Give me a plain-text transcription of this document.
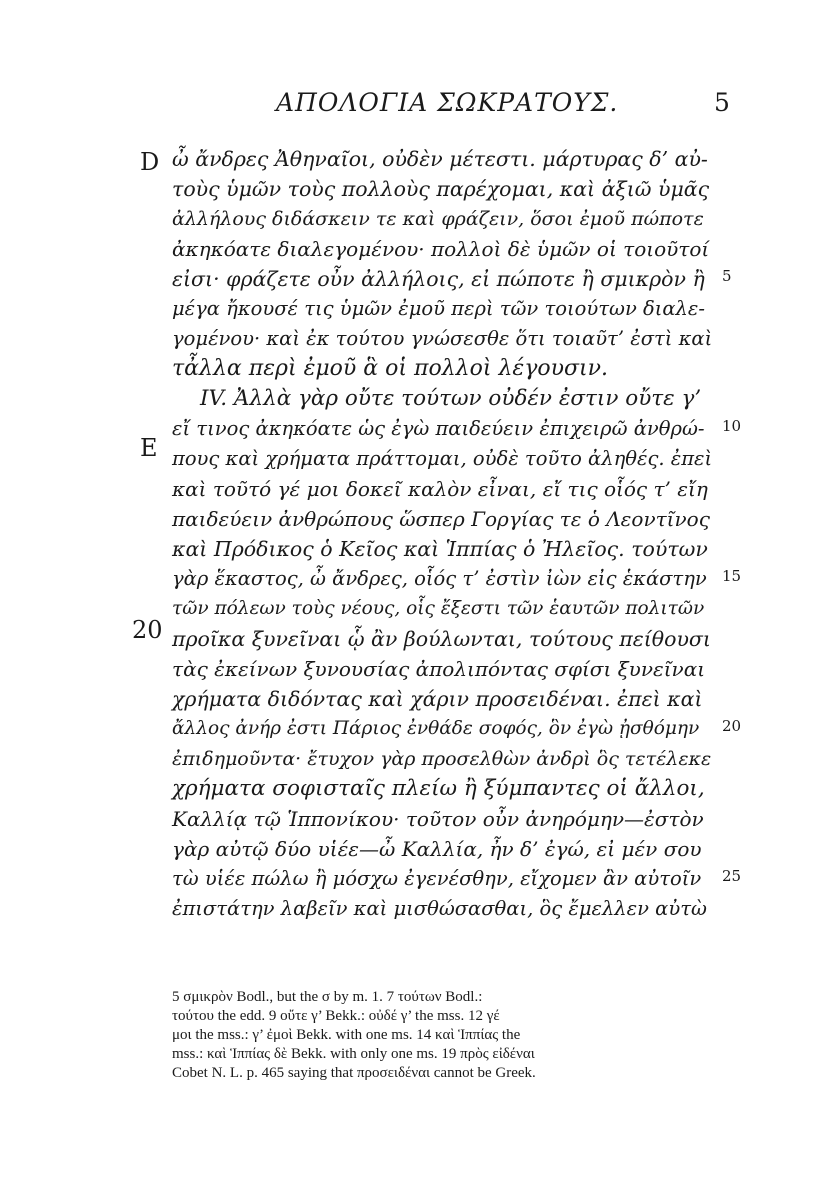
ΑΠΟΛΟΓΙΑ ΣΩΚΡΑΤΟΥΣ.	5
D
E
20
5
10
15
20
25
ὦ ἄνδρες Ἀθηναῖοι, οὐδὲν μέτεστι. μάρτυρας δ’ αὐ-
τοὺς ὑμῶν τοὺς πολλοὺς παρέχομαι, καὶ ἀξιῶ ὑμᾶς
ἀλλήλους διδάσκειν τε καὶ φράζειν, ὅσοι ἐμοῦ πώποτε
ἀκηκόατε διαλεγομένου· πολλοὶ δὲ ὑμῶν οἱ τοιοῦτοί
εἰσι· φράζετε οὖν ἀλλήλοις, εἰ πώποτε ἢ σμικρὸν ἢ
μέγα ἤκουσέ τις ὑμῶν ἐμοῦ περὶ τῶν τοιούτων διαλε-
γομένου· καὶ ἐκ τούτου γνώσεσθε ὅτι τοιαῦτ’ ἐστὶ καὶ
τἆλλα περὶ ἐμοῦ ἃ οἱ πολλοὶ λέγουσιν.
IV. Ἀλλὰ γὰρ οὔτε τούτων οὐδέν ἐστιν οὔτε γ’
εἴ τινος ἀκηκόατε ὡς ἐγὼ παιδεύειν ἐπιχειρῶ ἀνθρώ-
πους καὶ χρήματα πράττομαι, οὐδὲ τοῦτο ἀληθές. ἐπεὶ
καὶ τοῦτό γέ μοι δοκεῖ καλὸν εἶναι, εἴ τις οἷός τ’ εἴη
παιδεύειν ἀνθρώπους ὥσπερ Γοργίας τε ὁ Λεοντῖνος
καὶ Πρόδικος ὁ Κεῖος καὶ Ἱππίας ὁ Ἠλεῖος. τούτων
γὰρ ἕκαστος, ὦ ἄνδρες, οἷός τ’ ἐστὶν ἰὼν εἰς ἑκάστην
τῶν πόλεων τοὺς νέους, οἷς ἔξεστι τῶν ἑαυτῶν πολιτῶν
προῖκα ξυνεῖναι ᾧ ἂν βούλωνται, τούτους πείθουσι
τὰς ἐκείνων ξυνουσίας ἀπολιπόντας σφίσι ξυνεῖναι
χρήματα διδόντας καὶ χάριν προσειδέναι. ἐπεὶ καὶ
ἄλλος ἀνήρ ἐστι Πάριος ἐνθάδε σοφός, ὃν ἐγὼ ᾐσθόμην
ἐπιδημοῦντα· ἔτυχον γὰρ προσελθὼν ἀνδρὶ ὃς τετέλεκε
χρήματα σοφισταῖς πλείω ἢ ξύμπαντες οἱ ἄλλοι,
Καλλίᾳ τῷ Ἱππονίκου· τοῦτον οὖν ἀνηρόμην—ἐστὸν
γὰρ αὐτῷ δύο υἱέε—ὦ Καλλία, ἦν δ’ ἐγώ, εἰ μέν σου
τὼ υἱέε πώλω ἢ μόσχω ἐγενέσθην, εἴχομεν ἂν αὐτοῖν
ἐπιστάτην λαβεῖν καὶ μισθώσασθαι, ὃς ἔμελλεν αὐτὼ
5 σμικρὸν Bodl., but the σ by m. 1. 7 τούτων Bodl.:
τούτου the edd. 9 οὔτε γ’ Bekk.: οὐδέ γ’ the mss. 12 γέ
μοι the mss.: γ’ ἐμοὶ Bekk. with one ms. 14 καὶ Ἱππίας the
mss.: καὶ Ἱππίας δὲ Bekk. with only one ms. 19 πρὸς εἰδέναι
Cobet N. L. p. 465 saying that προσειδέναι cannot be Greek.
